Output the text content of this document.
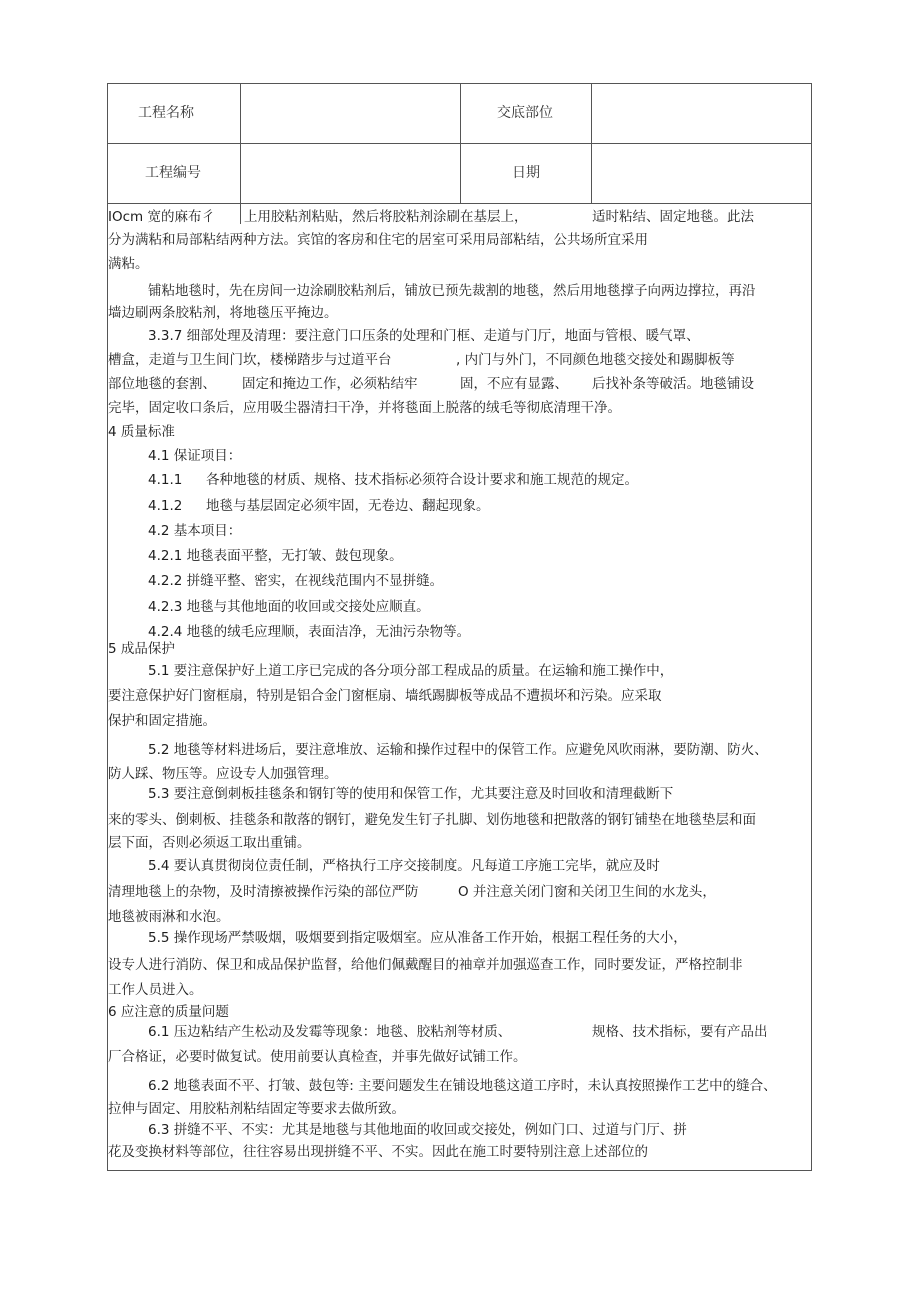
工程名称	交底部位
工程编号	日期
IOcm 宽的麻布彳 上用胶粘剂粘贴，然后将胶粘剂涂刷在基层上，	适时粘结、固定地毯。此法
分为满粘和局部粘结两种方法。宾馆的客房和住宅的居室可采用局部粘结，公共场所宜采用
满粘。
铺粘地毯时，先在房间一边涂刷胶粘剂后，铺放已预先裁割的地毯，然后用地毯撑子向两边撑拉，再沿
墙边刷两条胶粘剂，将地毯压平掩边。
3.3.7 细部处理及清理：要注意门口压条的处理和门框、走道与门厅，地面与管根、暖气罩、
槽盒，走道与卫生间门坎，楼梯踏步与过道平台	, 内门与外门，不同颜色地毯交接处和踢脚板等
部位地毯的套割、 固定和掩边工作，必须粘结牢	固，不应有显露、 后找补条等破活。地毯铺设
完毕，固定收口条后，应用吸尘器清扫干净，并将毯面上脱落的绒毛等彻底清理干净。
4 质量标准
4.1 保证项目：
4.1.1 各种地毯的材质、规格、技术指标必须符合设计要求和施工规范的规定。
4.1.2 地毯与基层固定必须牢固，无卷边、翻起现象。
4.2 基本项目：
4.2.1 地毯表面平整，无打皱、鼓包现象。
4.2.2 拼缝平整、密实，在视线范围内不显拼缝。
4.2.3 地毯与其他地面的收回或交接处应顺直。
4.2.4 地毯的绒毛应理顺，表面洁净，无油污杂物等。
5 成品保护
5.1 要注意保护好上道工序已完成的各分项分部工程成品的质量。在运输和施工操作中，
要注意保护好门窗框扇，特别是铝合金门窗框扇、墙纸踢脚板等成品不遭损坏和污染。应采取
保护和固定措施。
5.2 地毯等材料进场后，要注意堆放、运输和操作过程中的保管工作。应避免风吹雨淋，要防潮、防火、
防人踩、物压等。应设专人加强管理。
5.3 要注意倒刺板挂毯条和钢钉等的使用和保管工作，尤其要注意及时回收和清理截断下
来的零头、倒刺板、挂毯条和散落的钢钉，避免发生钉子扎脚、划伤地毯和把散落的钢钉铺垫在地毯垫层和面
层下面，否则必须返工取出重铺。
5.4 要认真贯彻岗位责任制，严格执行工序交接制度。凡每道工序施工完毕，就应及时
清理地毯上的杂物，及时清擦被操作污染的部位严防	O 并注意关闭门窗和关闭卫生间的水龙头，
地毯被雨淋和水泡。
5.5 操作现场严禁吸烟，吸烟要到指定吸烟室。应从准备工作开始，根据工程任务的大小，
设专人进行消防、保卫和成品保护监督，给他们佩戴醒目的袖章并加强巡查工作，同时要发证，严格控制非
工作人员进入。
6 应注意的质量问题
6.1 压边粘结产生松动及发霉等现象：地毯、胶粘剂等材质、	规格、技术指标，要有产品出
厂合格证，必要时做复试。使用前要认真检查，并事先做好试铺工作。
6.2 地毯表面不平、打皱、鼓包等: 主要问题发生在铺设地毯这道工序时，未认真按照操作工艺中的缝合、
拉伸与固定、用胶粘剂粘结固定等要求去做所致。
6.3 拼缝不平、不实：尤其是地毯与其他地面的收回或交接处，例如门口、过道与门厅、拼
花及变换材料等部位，往往容易出现拼缝不平、不实。因此在施工时要特别注意上述部位的
